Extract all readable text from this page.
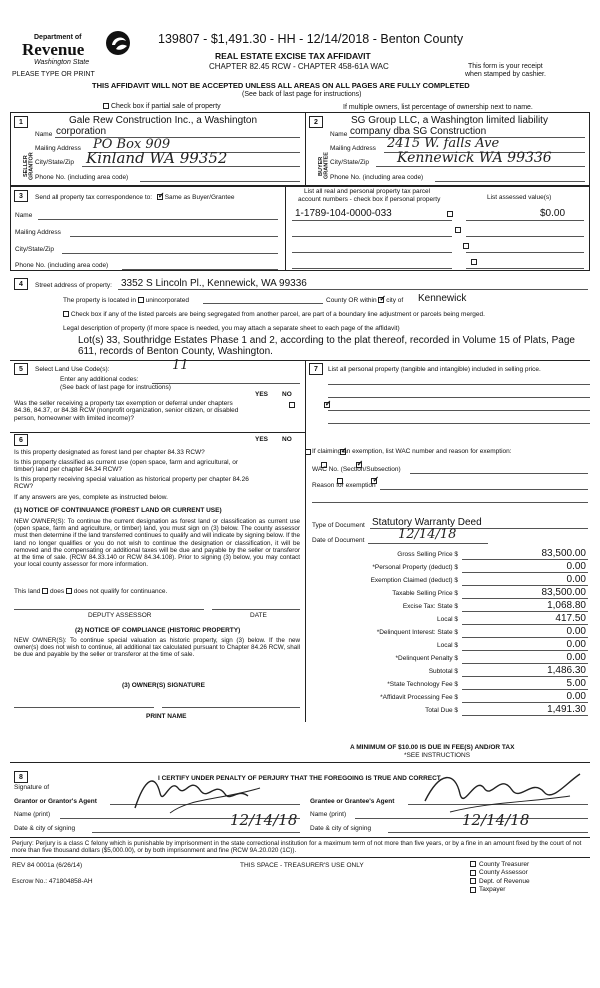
Department of
Revenue
Washington State
PLEASE TYPE OR PRINT
139807 - $1,491.30 - HH - 12/14/2018 - Benton County
REAL ESTATE EXCISE TAX AFFIDAVIT
CHAPTER 82.45 RCW - CHAPTER 458-61A WAC	This form is your receipt
when stamped by cashier.
THIS AFFIDAVIT WILL NOT BE ACCEPTED UNLESS ALL AREAS ON ALL PAGES ARE FULLY COMPLETED
(See back of last page for instructions)
Check box if partial sale of property	If multiple owners, list percentage of ownership next to name.
1
SELLER GRANTOR
Gale Rew Construction Inc., a Washington
Name corporation
Mailing Address PO Box 909
City/State/Zip Kinland WA 99352
Phone No. (including area code)
2
BUYER GRANTEE
SG Group LLC, a Washington limited liability
Name company dba SG Construction
Mailing Address 2415 W. falls Ave
City/State/Zip Kennewick WA 99336
Phone No. (including area code)
3	Send all property tax correspondence to: ✓ Same as Buyer/Grantee
Name
Mailing Address
City/State/Zip
Phone No. (including area code)
List all real and personal property tax parcel
account numbers - check box if personal property	List assessed value(s)
1-1789-104-0000-033	$0.00

4	Street address of property: 3352 S Lincoln Pl., Kennewick, WA 99336
The property is located in unincorporated	County OR within ✓ city of Kennewick
Check box if any of the listed parcels are being segregated from another parcel, are part of a boundary line adjustment or parcels being merged.
Legal description of property (if more space is needed, you may attach a separate sheet to each page of the affidavit)
Lot(s) 33, Southridge Estates Phase 1 and 2, according to the plat thereof, recorded in Volume 15 of Plats, Page
611, records of Benton County, Washington.
5	Select Land Use Code(s):	11
Enter any additional codes:
(See back of last page for instructions)
YES NO
Was the seller receiving a property tax exemption or deferral under chapters 84.36, 84.37, or 84.38 RCW (nonprofit organization, senior citizen, or disabled person, homeowner with limited income)?
✓
7	List all personal property (tangible and intangible) included in selling price.
6	YES NO
Is this property designated as forest land per chapter 84.33 RCW?
✓
Is this property classified as current use (open space, farm and agricultural, or timber) land per chapter 84.34 RCW?
✓
Is this property receiving special valuation as historical property per chapter 84.26 RCW?
✓
If any answers are yes, complete as instructed below.
(1) NOTICE OF CONTINUANCE (FOREST LAND OR CURRENT USE)
NEW OWNER(S): To continue the current designation as forest land or classification as current use (open space, farm and agriculture, or timber) land, you must sign on (3) below. The county assessor must then determine if the land transferred continues to qualify and will indicate by signing below. If the land no longer qualifies or you do not wish to continue the designation or classification, it will be removed and the compensating or additional taxes will be due and payable by the seller or transferor at the time of sale. (RCW 84.33.140 or RCW 84.34.108). Prior to signing (3) below, you may contact your local county assessor for more information.
This land does does not qualify for continuance.
DEPUTY ASSESSOR	DATE
(2) NOTICE OF COMPLIANCE (HISTORIC PROPERTY)
NEW OWNER(S): To continue special valuation as historic property, sign (3) below. If the new owner(s) does not wish to continue, all additional tax calculated pursuant to Chapter 84.26 RCW, shall be due and payable by the seller or transferor at the time of sale.
(3) OWNER(S) SIGNATURE
PRINT NAME
If claiming an exemption, list WAC number and reason for exemption:
WAC No. (Section/Subsection)
Reason for exemption
Type of Document Statutory Warranty Deed
Date of Document	12/14/18
Gross Selling Price $	83,500.00
*Personal Property (deduct) $	0.00
Exemption Claimed (deduct) $	0.00
Taxable Selling Price $	83,500.00
Excise Tax: State $	1,068.80
Local $	417.50
*Delinquent Interest: State $	0.00
Local $	0.00
*Delinquent Penalty $	0.00
Subtotal $	1,486.30
*State Technology Fee $	5.00
*Affidavit Processing Fee $	0.00
Total Due $	1,491.30
A MINIMUM OF $10.00 IS DUE IN FEE(S) AND/OR TAX
*SEE INSTRUCTIONS
8	I CERTIFY UNDER PENALTY OF PERJURY THAT THE FOREGOING IS TRUE AND CORRECT.
Signature of
Grantor or Grantor's Agent
Name (print)
Date & city of signing	12/14/18
Grantee or Grantee's Agent
Name (print)
Date & city of signing	12/14/18
Perjury: Perjury is a class C felony which is punishable by imprisonment in the state correctional institution for a maximum term of not more than five years, or by a fine in an amount fixed by the court of not more than five thousand dollars ($5,000.00), or by both imprisonment and fine (RCW 9A.20.020 (1C)).
REV 84 0001a (6/26/14)	THIS SPACE - TREASURER'S USE ONLY
Escrow No.: 471804858-AH
County Treasurer
County Assessor
Dept. of Revenue
Taxpayer
